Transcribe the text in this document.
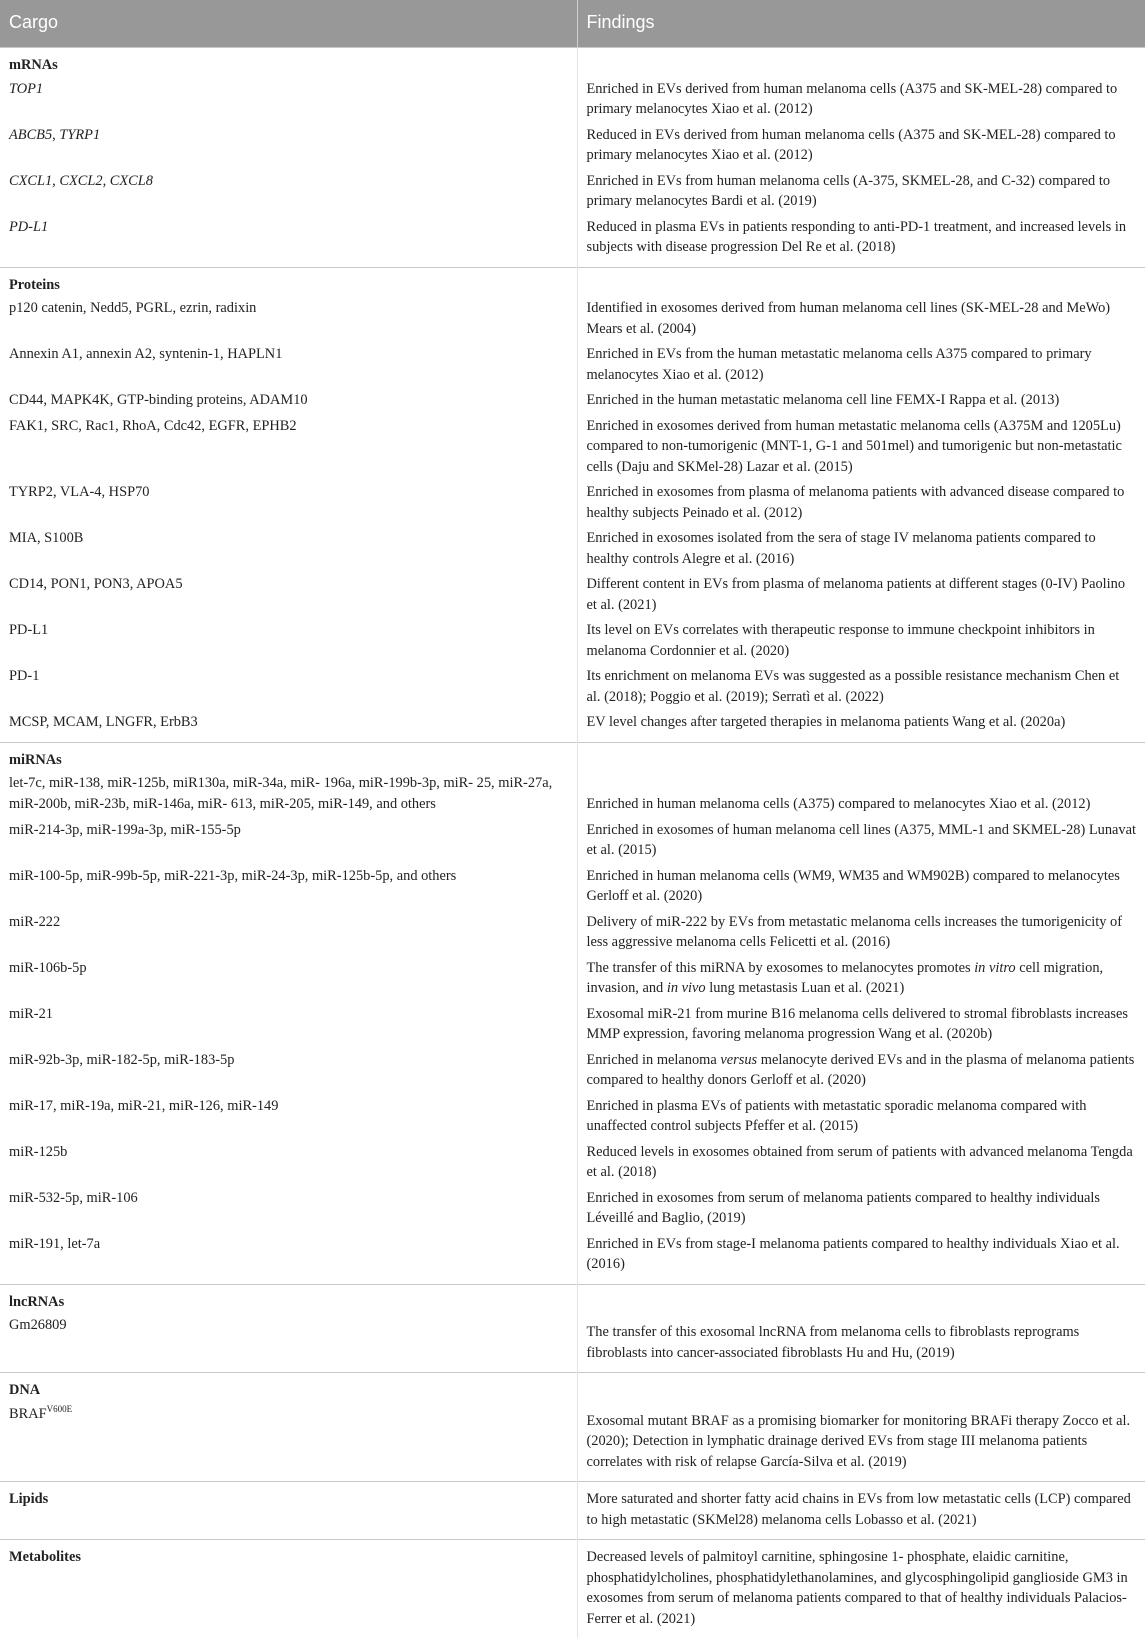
Cargo	Findings
mRNAs	
TOP1	Enriched in EVs derived from human melanoma cells (A375 and SK-MEL-28) compared to primary melanocytes Xiao et al. (2012)
ABCB5, TYRP1	Reduced in EVs derived from human melanoma cells (A375 and SK-MEL-28) compared to primary melanocytes Xiao et al. (2012)
CXCL1, CXCL2, CXCL8	Enriched in EVs from human melanoma cells (A-375, SKMEL-28, and C-32) compared to primary melanocytes Bardi et al. (2019)
PD-L1	Reduced in plasma EVs in patients responding to anti-PD-1 treatment, and increased levels in subjects with disease progression Del Re et al. (2018)
Proteins	
p120 catenin, Nedd5, PGRL, ezrin, radixin	Identified in exosomes derived from human melanoma cell lines (SK-MEL-28 and MeWo) Mears et al. (2004)
Annexin A1, annexin A2, syntenin-1, HAPLN1	Enriched in EVs from the human metastatic melanoma cells A375 compared to primary melanocytes Xiao et al. (2012)
CD44, MAPK4K, GTP-binding proteins, ADAM10	Enriched in the human metastatic melanoma cell line FEMX-I Rappa et al. (2013)
FAK1, SRC, Rac1, RhoA, Cdc42, EGFR, EPHB2	Enriched in exosomes derived from human metastatic melanoma cells (A375M and 1205Lu) compared to non-tumorigenic (MNT-1, G-1 and 501mel) and tumorigenic but non-metastatic cells (Daju and SKMel-28) Lazar et al. (2015)
TYRP2, VLA-4, HSP70	Enriched in exosomes from plasma of melanoma patients with advanced disease compared to healthy subjects Peinado et al. (2012)
MIA, S100B	Enriched in exosomes isolated from the sera of stage IV melanoma patients compared to healthy controls Alegre et al. (2016)
CD14, PON1, PON3, APOA5	Different content in EVs from plasma of melanoma patients at different stages (0-IV) Paolino et al. (2021)
PD-L1	Its level on EVs correlates with therapeutic response to immune checkpoint inhibitors in melanoma Cordonnier et al. (2020)
PD-1	Its enrichment on melanoma EVs was suggested as a possible resistance mechanism Chen et al. (2018); Poggio et al. (2019); Serratì et al. (2022)
MCSP, MCAM, LNGFR, ErbB3	EV level changes after targeted therapies in melanoma patients Wang et al. (2020a)
miRNAs	
let-7c, miR-138, miR-125b, miR130a, miR-34a, miR- 196a, miR-199b-3p, miR- 25, miR-27a, miR-200b, miR-23b, miR-146a, miR- 613, miR-205, miR-149, and others	Enriched in human melanoma cells (A375) compared to melanocytes Xiao et al. (2012)
miR-214-3p, miR-199a-3p, miR-155-5p	Enriched in exosomes of human melanoma cell lines (A375, MML-1 and SKMEL-28) Lunavat et al. (2015)
miR-100-5p, miR-99b-5p, miR-221-3p, miR-24-3p, miR-125b-5p, and others	Enriched in human melanoma cells (WM9, WM35 and WM902B) compared to melanocytes Gerloff et al. (2020)
miR-222	Delivery of miR-222 by EVs from metastatic melanoma cells increases the tumorigenicity of less aggressive melanoma cells Felicetti et al. (2016)
miR-106b-5p	The transfer of this miRNA by exosomes to melanocytes promotes in vitro cell migration, invasion, and in vivo lung metastasis Luan et al. (2021)
miR-21	Exosomal miR-21 from murine B16 melanoma cells delivered to stromal fibroblasts increases MMP expression, favoring melanoma progression Wang et al. (2020b)
miR-92b-3p, miR-182-5p, miR-183-5p	Enriched in melanoma versus melanocyte derived EVs and in the plasma of melanoma patients compared to healthy donors Gerloff et al. (2020)
miR-17, miR-19a, miR-21, miR-126, miR-149	Enriched in plasma EVs of patients with metastatic sporadic melanoma compared with unaffected control subjects Pfeffer et al. (2015)
miR-125b	Reduced levels in exosomes obtained from serum of patients with advanced melanoma Tengda et al. (2018)
miR-532-5p, miR-106	Enriched in exosomes from serum of melanoma patients compared to healthy individuals Léveillé and Baglio, (2019)
miR-191, let-7a	Enriched in EVs from stage-I melanoma patients compared to healthy individuals Xiao et al. (2016)
lncRNAs	
Gm26809	The transfer of this exosomal lncRNA from melanoma cells to fibroblasts reprograms fibroblasts into cancer-associated fibroblasts Hu and Hu, (2019)
DNA	
$BRAF^{V600E}$	Exosomal mutant BRAF as a promising biomarker for monitoring BRAFi therapy Zocco et al. (2020); Detection in lymphatic drainage derived EVs from stage III melanoma patients correlates with risk of relapse García-Silva et al. (2019)
Lipids	More saturated and shorter fatty acid chains in EVs from low metastatic cells (LCP) compared to high metastatic (SKMel28) melanoma cells Lobasso et al. (2021)
Metabolites	Decreased levels of palmitoyl carnitine, sphingosine 1- phosphate, elaidic carnitine, phosphatidylcholines, phosphatidylethanolamines, and glycosphingolipid ganglioside GM3 in exosomes from serum of melanoma patients compared to that of healthy individuals Palacios-Ferrer et al. (2021)
